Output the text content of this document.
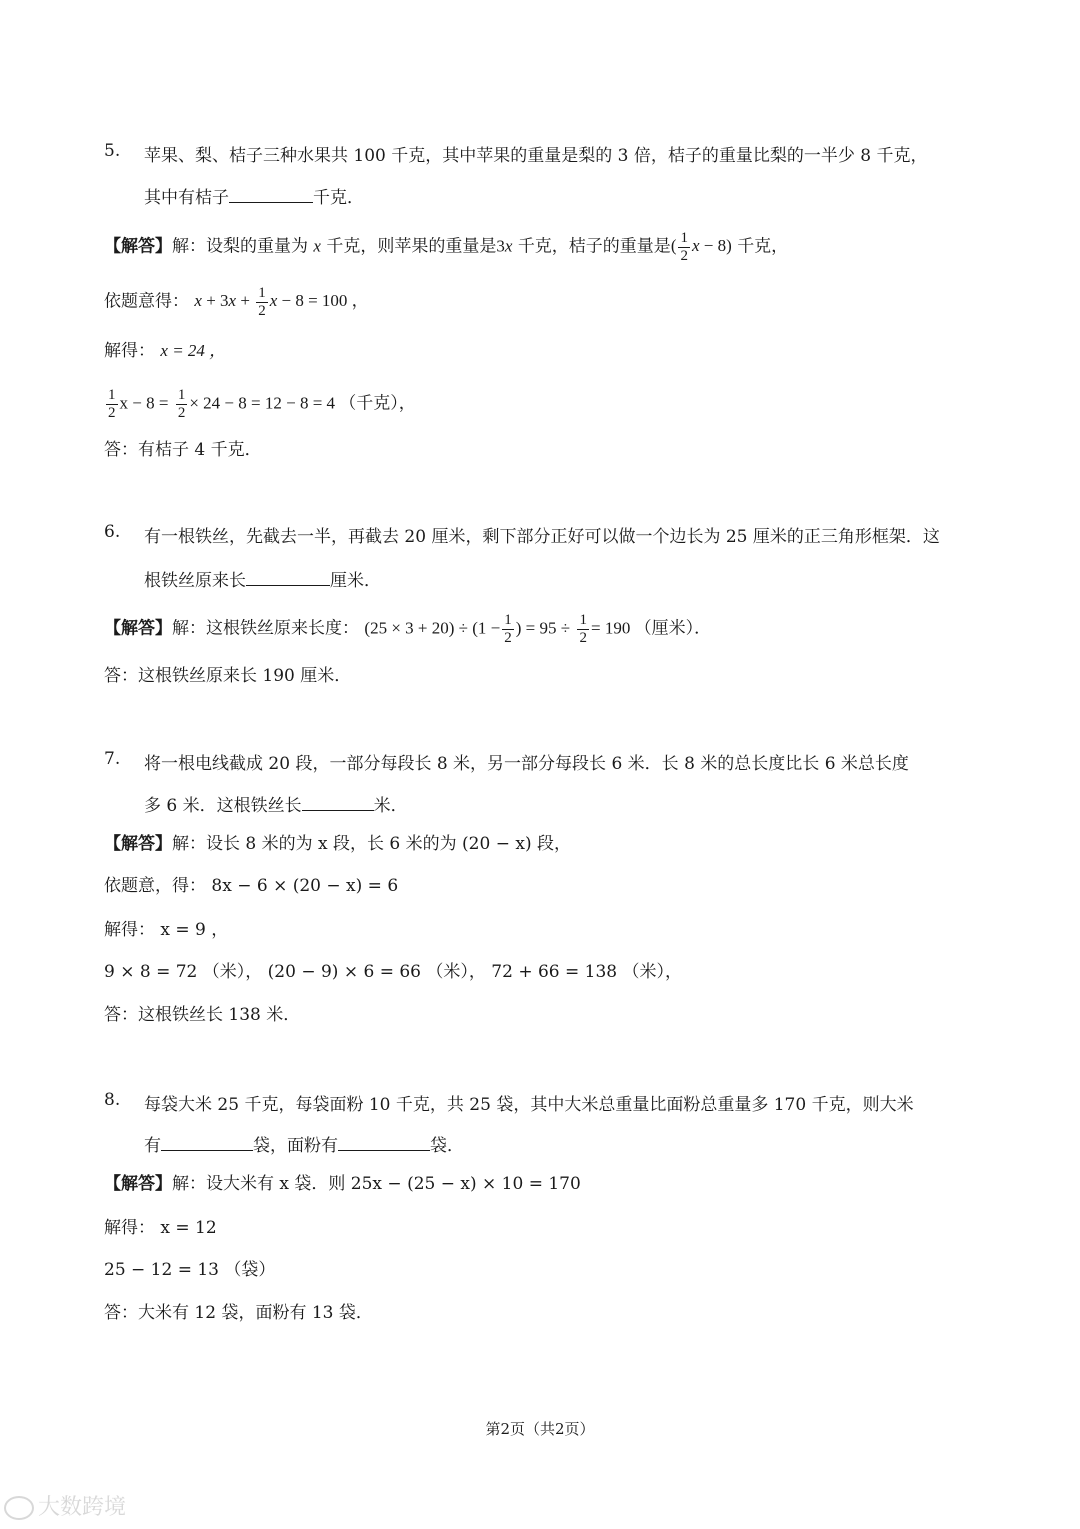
5. 苹果、梨、桔子三种水果共 100 千克，其中苹果的重量是梨的 3 倍，桔子的重量比梨的一半少 8 千克，
其中有桔子	千克．
【解答】解：设梨的重量为 x 千克，则苹果的重量是3x 千克，桔子的重量是( $\frac{1}{2}$ x − 8) 千克，
依题意得： $x + 3x + \frac{1}{2}$ x − 8 = 100 ，
解得： x = 24 ，
$\frac{1}{2}$ $x - 8 = \frac{1}{2} \times 24 - 8 = 12 - 8 = 4$ （千克），
答：有桔子 4 千克．
6. 有一根铁丝，先截去一半，再截去 20 厘米，剩下部分正好可以做一个边长为 25 厘米的正三角形框架．这
根铁丝原来长	厘米．
【解答】解：这根铁丝原来长度： $(25 \times 3 + 20) \div (1 - \frac{1}{2}$ ) = $95 \div \frac{1}{2} = 190$ （厘米）．
答：这根铁丝原来长 190 厘米．
7. 将一根电线截成 20 段，一部分每段长 8 米，另一部分每段长 6 米．长 8 米的总长度比长 6 米总长度
多 6 米．这根铁丝长	米．
【解答】解：设长 8 米的为 x 段，长 6 米的为 (20 − x) 段，
依题意，得： 8x − 6 × (20 − x) = 6
解得： x = 9 ，
9 × 8 = 72 （米）， (20 − 9) × 6 = 66 （米）， 72 + 66 = 138 （米），
答：这根铁丝长 138 米．
8. 每袋大米 25 千克，每袋面粉 10 千克，共 25 袋，其中大米总重量比面粉总重量多 170 千克，则大米
有	袋，面粉有	袋．
【解答】解：设大米有 x 袋．则 25x − (25 − x) × 10 = 170
解得： x = 12
25 − 12 = 13 （袋）
答：大米有 12 袋，面粉有 13 袋．
第2页（共2页）
大数跨境
